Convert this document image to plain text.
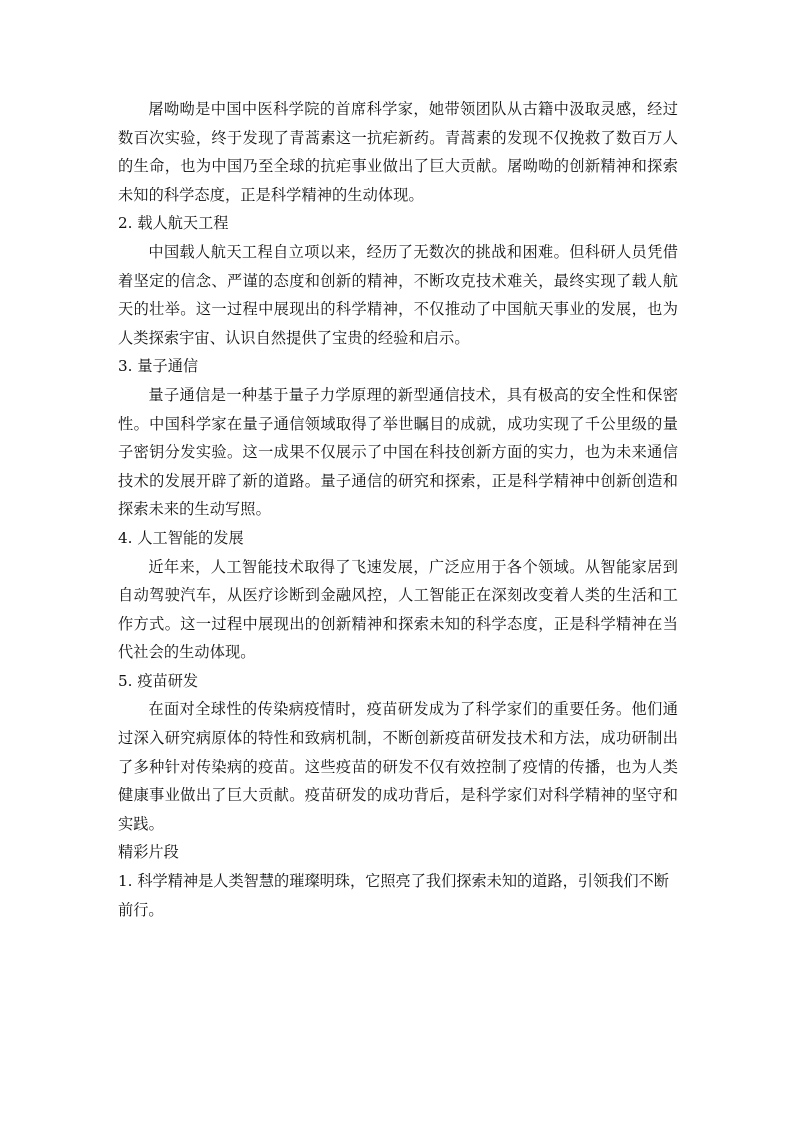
屠呦呦是中国中医科学院的首席科学家，她带领团队从古籍中汲取灵感，经过数百次实验，终于发现了青蒿素这一抗疟新药。青蒿素的发现不仅挽救了数百万人的生命，也为中国乃至全球的抗疟事业做出了巨大贡献。屠呦呦的创新精神和探索未知的科学态度，正是科学精神的生动体现。

2. 载人航天工程

中国载人航天工程自立项以来，经历了无数次的挑战和困难。但科研人员凭借着坚定的信念、严谨的态度和创新的精神，不断攻克技术难关，最终实现了载人航天的壮举。这一过程中展现出的科学精神，不仅推动了中国航天事业的发展，也为人类探索宇宙、认识自然提供了宝贵的经验和启示。

3. 量子通信

量子通信是一种基于量子力学原理的新型通信技术，具有极高的安全性和保密性。中国科学家在量子通信领域取得了举世瞩目的成就，成功实现了千公里级的量子密钥分发实验。这一成果不仅展示了中国在科技创新方面的实力，也为未来通信技术的发展开辟了新的道路。量子通信的研究和探索，正是科学精神中创新创造和探索未来的生动写照。

4. 人工智能的发展

近年来，人工智能技术取得了飞速发展，广泛应用于各个领域。从智能家居到自动驾驶汽车，从医疗诊断到金融风控，人工智能正在深刻改变着人类的生活和工作方式。这一过程中展现出的创新精神和探索未知的科学态度，正是科学精神在当代社会的生动体现。

5. 疫苗研发

在面对全球性的传染病疫情时，疫苗研发成为了科学家们的重要任务。他们通过深入研究病原体的特性和致病机制，不断创新疫苗研发技术和方法，成功研制出了多种针对传染病的疫苗。这些疫苗的研发不仅有效控制了疫情的传播，也为人类健康事业做出了巨大贡献。疫苗研发的成功背后，是科学家们对科学精神的坚守和实践。

精彩片段

1. 科学精神是人类智慧的璀璨明珠，它照亮了我们探索未知的道路，引领我们不断前行。
